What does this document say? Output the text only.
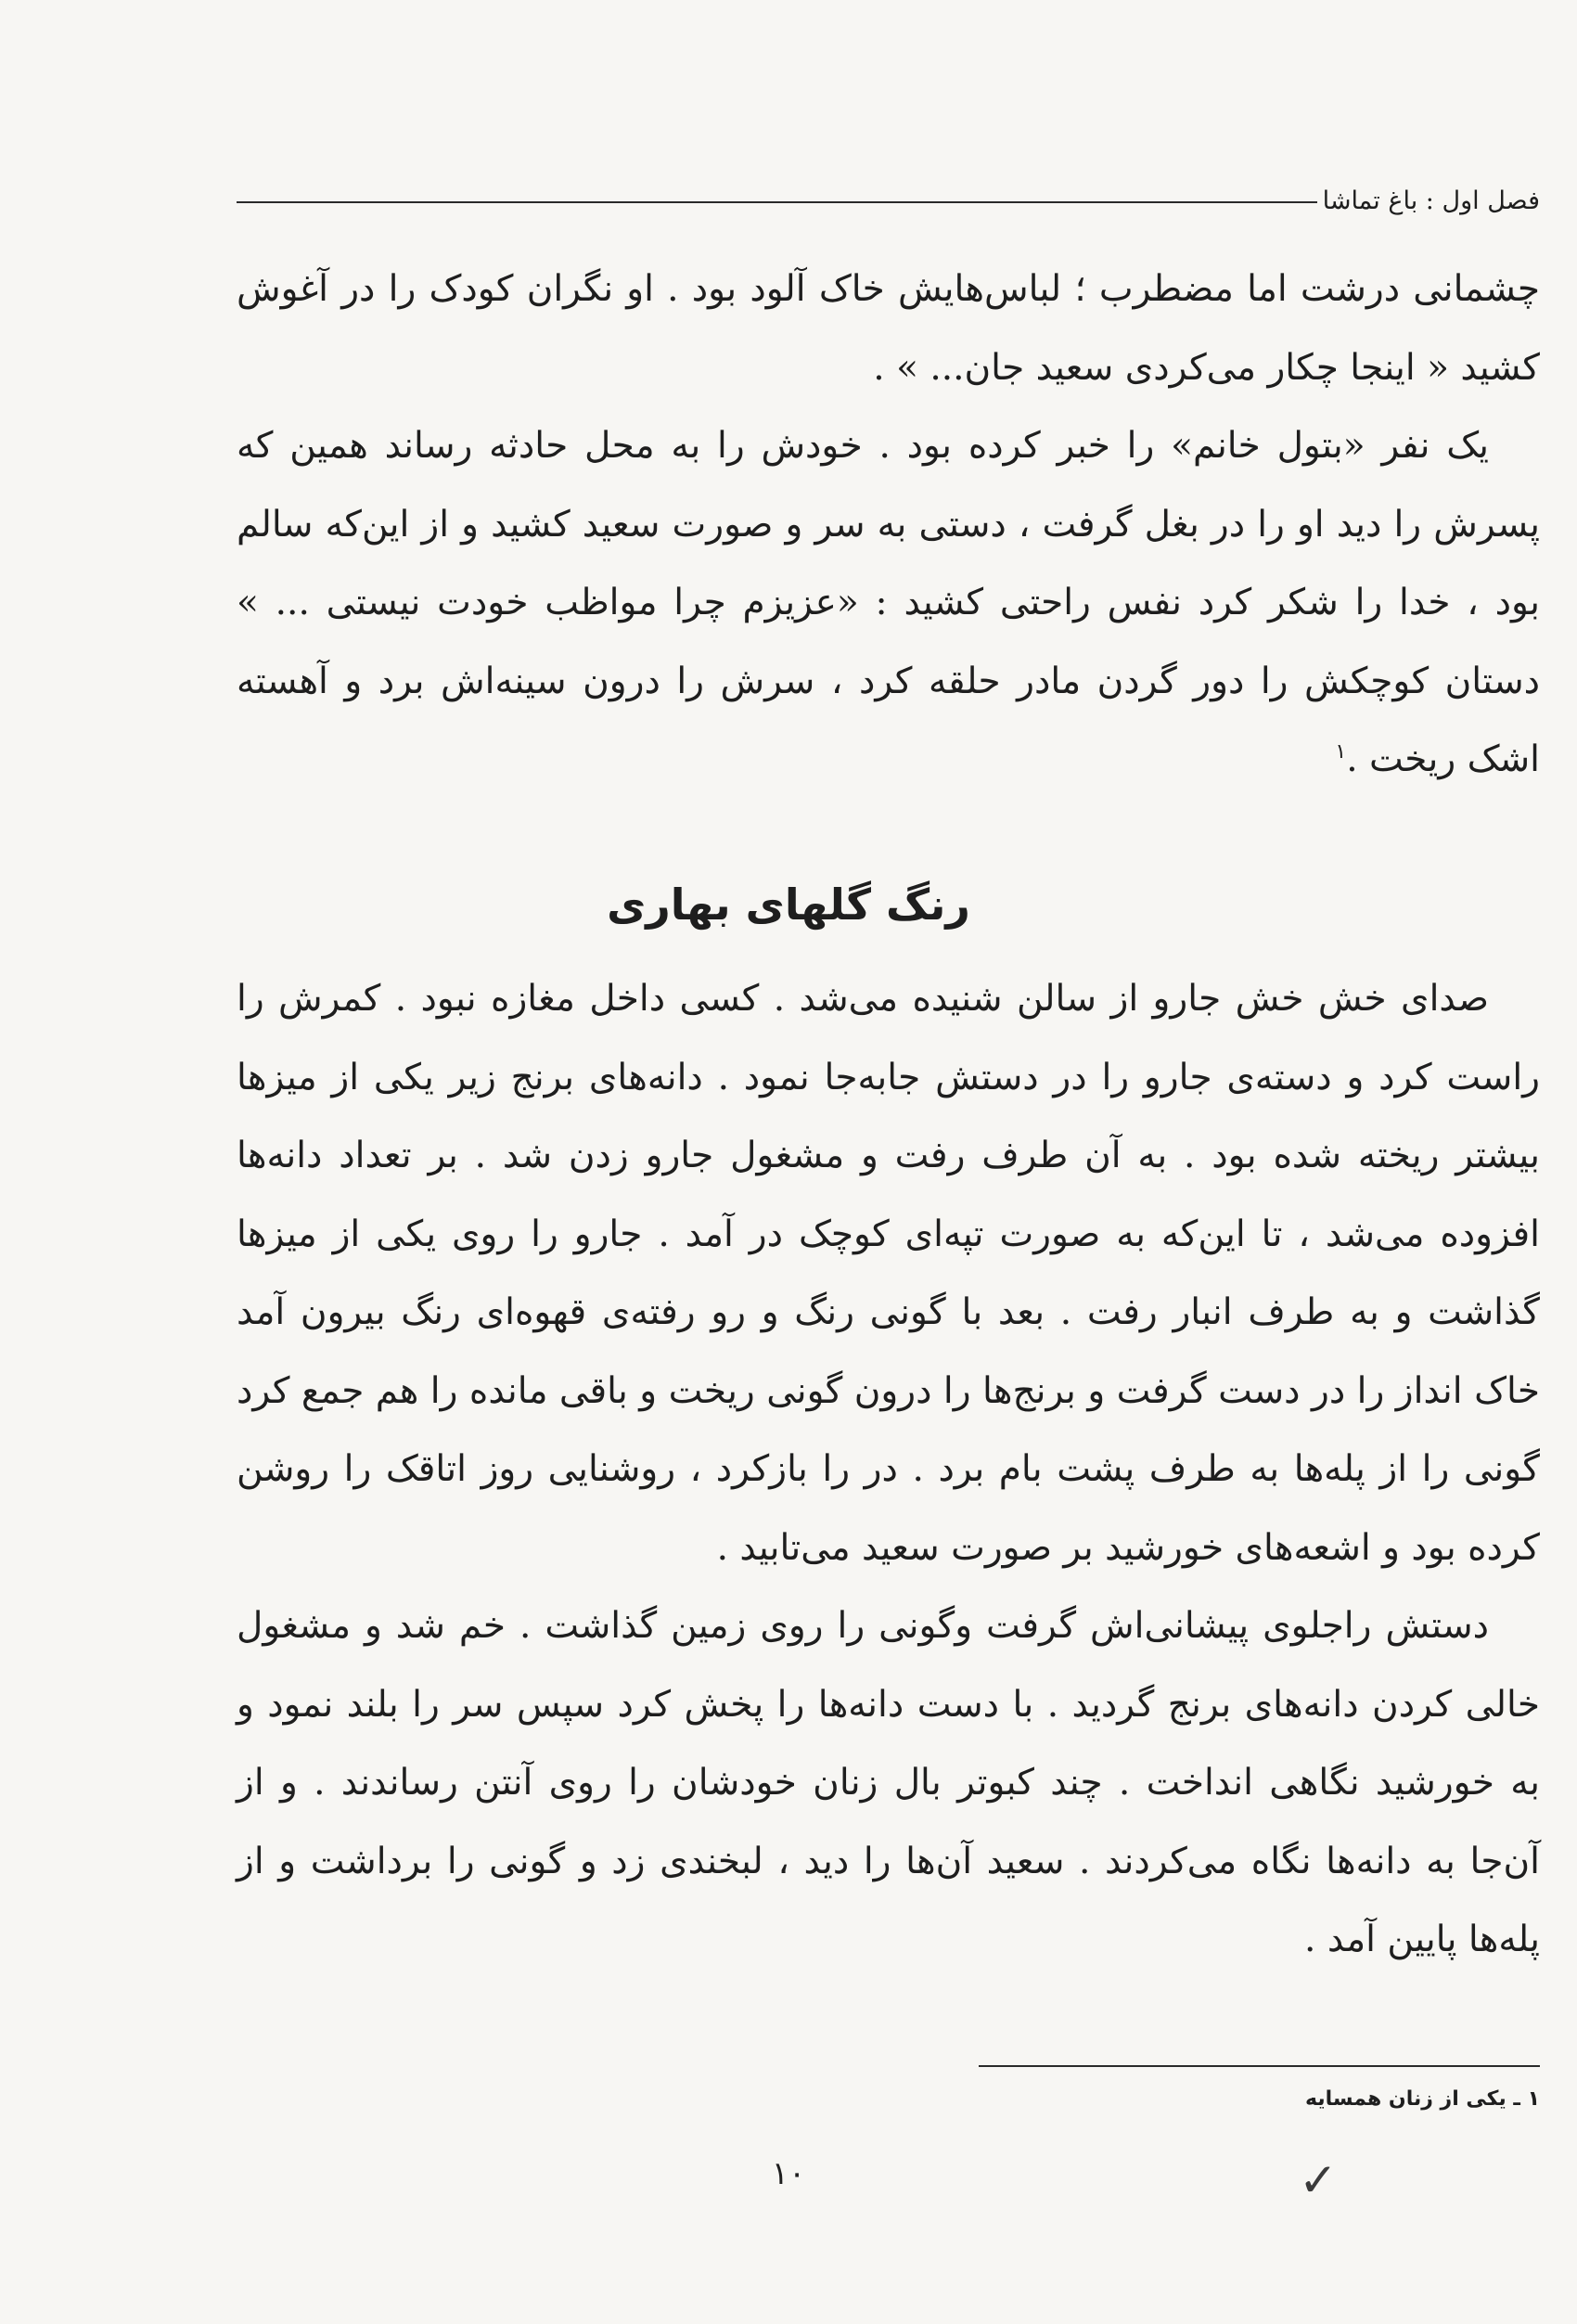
فصل اول : باغ تماشا

چشمانی درشت اما مضطرب ؛ لباس‌هایش خاک آلود بود . او نگران کودک را در آغوش کشید « اینجا چکار می‌کردی سعید جان... » .

یک نفر «بتول خانم» را خبر کرده بود . خودش را به محل حادثه رساند همین که پسرش را دید او را در بغل گرفت ، دستی به سر و صورت سعید کشید و از این‌که سالم بود ، خدا را شکر کرد نفس راحتی کشید : «عزیزم چرا مواظب خودت نیستی ... » دستان کوچکش را دور گردن مادر حلقه کرد ، سرش را درون سینه‌اش برد و آهسته اشک ریخت .$^۱$

رنگ گلهای بهاری

صدای خش خش جارو از سالن شنیده می‌شد . کسی داخل مغازه نبود . کمرش را راست کرد و دسته‌ی جارو را در دستش جابه‌جا نمود . دانه‌های برنج زیر یکی از میزها بیشتر ریخته شده بود . به آن طرف رفت و مشغول جارو زدن شد . بر تعداد دانه‌ها افزوده می‌شد ، تا این‌که به صورت تپه‌ای کوچک در آمد . جارو را روی یکی از میزها گذاشت و به طرف انبار رفت . بعد با گونی رنگ و رو رفته‌ی قهوه‌ای رنگ بیرون آمد خاک انداز را در دست گرفت و برنج‌ها را درون گونی ریخت و باقی مانده را هم جمع کرد گونی را از پله‌ها به طرف پشت بام برد . در را بازکرد ، روشنایی روز اتاقک را روشن کرده بود و اشعه‌های خورشید بر صورت سعید می‌تابید .

دستش راجلوی پیشانی‌اش گرفت وگونی را روی زمین گذاشت . خم شد و مشغول خالی کردن دانه‌های برنج گردید . با دست دانه‌ها را پخش کرد سپس سر را بلند نمود و به خورشید نگاهی انداخت . چند کبوتر بال زنان خودشان را روی آنتن رساندند . و از آن‌جا به دانه‌ها نگاه می‌کردند . سعید آن‌ها را دید ، لبخندی زد و گونی را برداشت و از پله‌ها پایین آمد .

۱ ـ یکی از زنان همسایه
۱۰	✓
